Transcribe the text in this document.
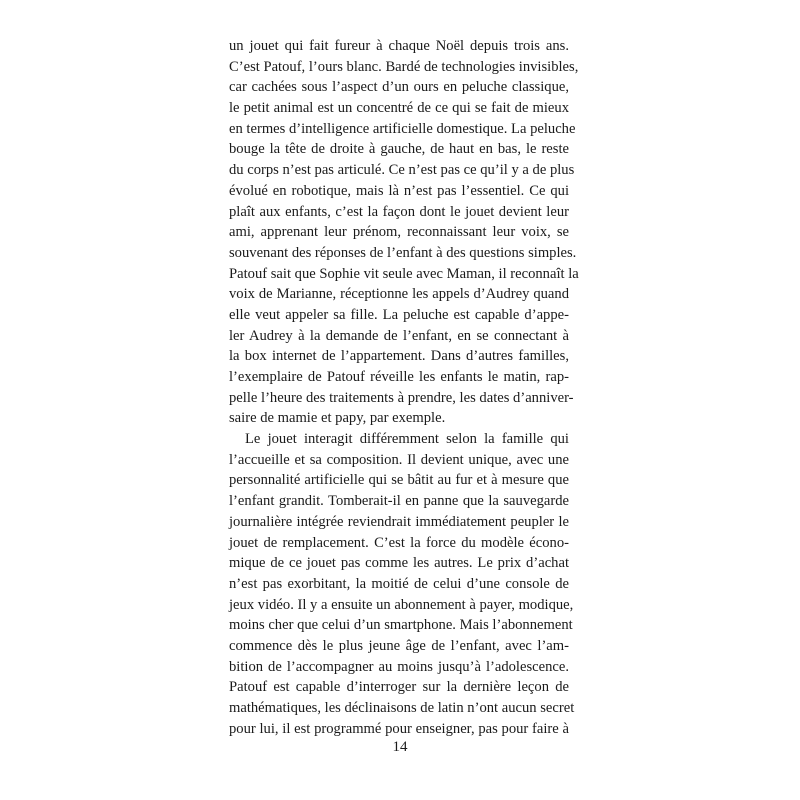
un jouet qui fait fureur à chaque Noël depuis trois ans.
C’est Patouf, l’ours blanc. Bardé de technologies invisibles,
car cachées sous l’aspect d’un ours en peluche classique,
le petit animal est un concentré de ce qui se fait de mieux
en termes d’intelligence artificielle domestique. La peluche
bouge la tête de droite à gauche, de haut en bas, le reste
du corps n’est pas articulé. Ce n’est pas ce qu’il y a de plus
évolué en robotique, mais là n’est pas l’essentiel. Ce qui
plaît aux enfants, c’est la façon dont le jouet devient leur
ami, apprenant leur prénom, reconnaissant leur voix, se
souvenant des réponses de l’enfant à des questions simples.
Patouf sait que Sophie vit seule avec Maman, il reconnaît la
voix de Marianne, réceptionne les appels d’Audrey quand
elle veut appeler sa fille. La peluche est capable d’appe-
ler Audrey à la demande de l’enfant, en se connectant à
la box internet de l’appartement. Dans d’autres familles,
l’exemplaire de Patouf réveille les enfants le matin, rap-
pelle l’heure des traitements à prendre, les dates d’anniver-
saire de mamie et papy, par exemple.
Le jouet interagit différemment selon la famille qui
l’accueille et sa composition. Il devient unique, avec une
personnalité artificielle qui se bâtit au fur et à mesure que
l’enfant grandit. Tomberait-il en panne que la sauvegarde
journalière intégrée reviendrait immédiatement peupler le
jouet de remplacement. C’est la force du modèle écono-
mique de ce jouet pas comme les autres. Le prix d’achat
n’est pas exorbitant, la moitié de celui d’une console de
jeux vidéo. Il y a ensuite un abonnement à payer, modique,
moins cher que celui d’un smartphone. Mais l’abonnement
commence dès le plus jeune âge de l’enfant, avec l’am-
bition de l’accompagner au moins jusqu’à l’adolescence.
Patouf est capable d’interroger sur la dernière leçon de
mathématiques, les déclinaisons de latin n’ont aucun secret
pour lui, il est programmé pour enseigner, pas pour faire à
14
